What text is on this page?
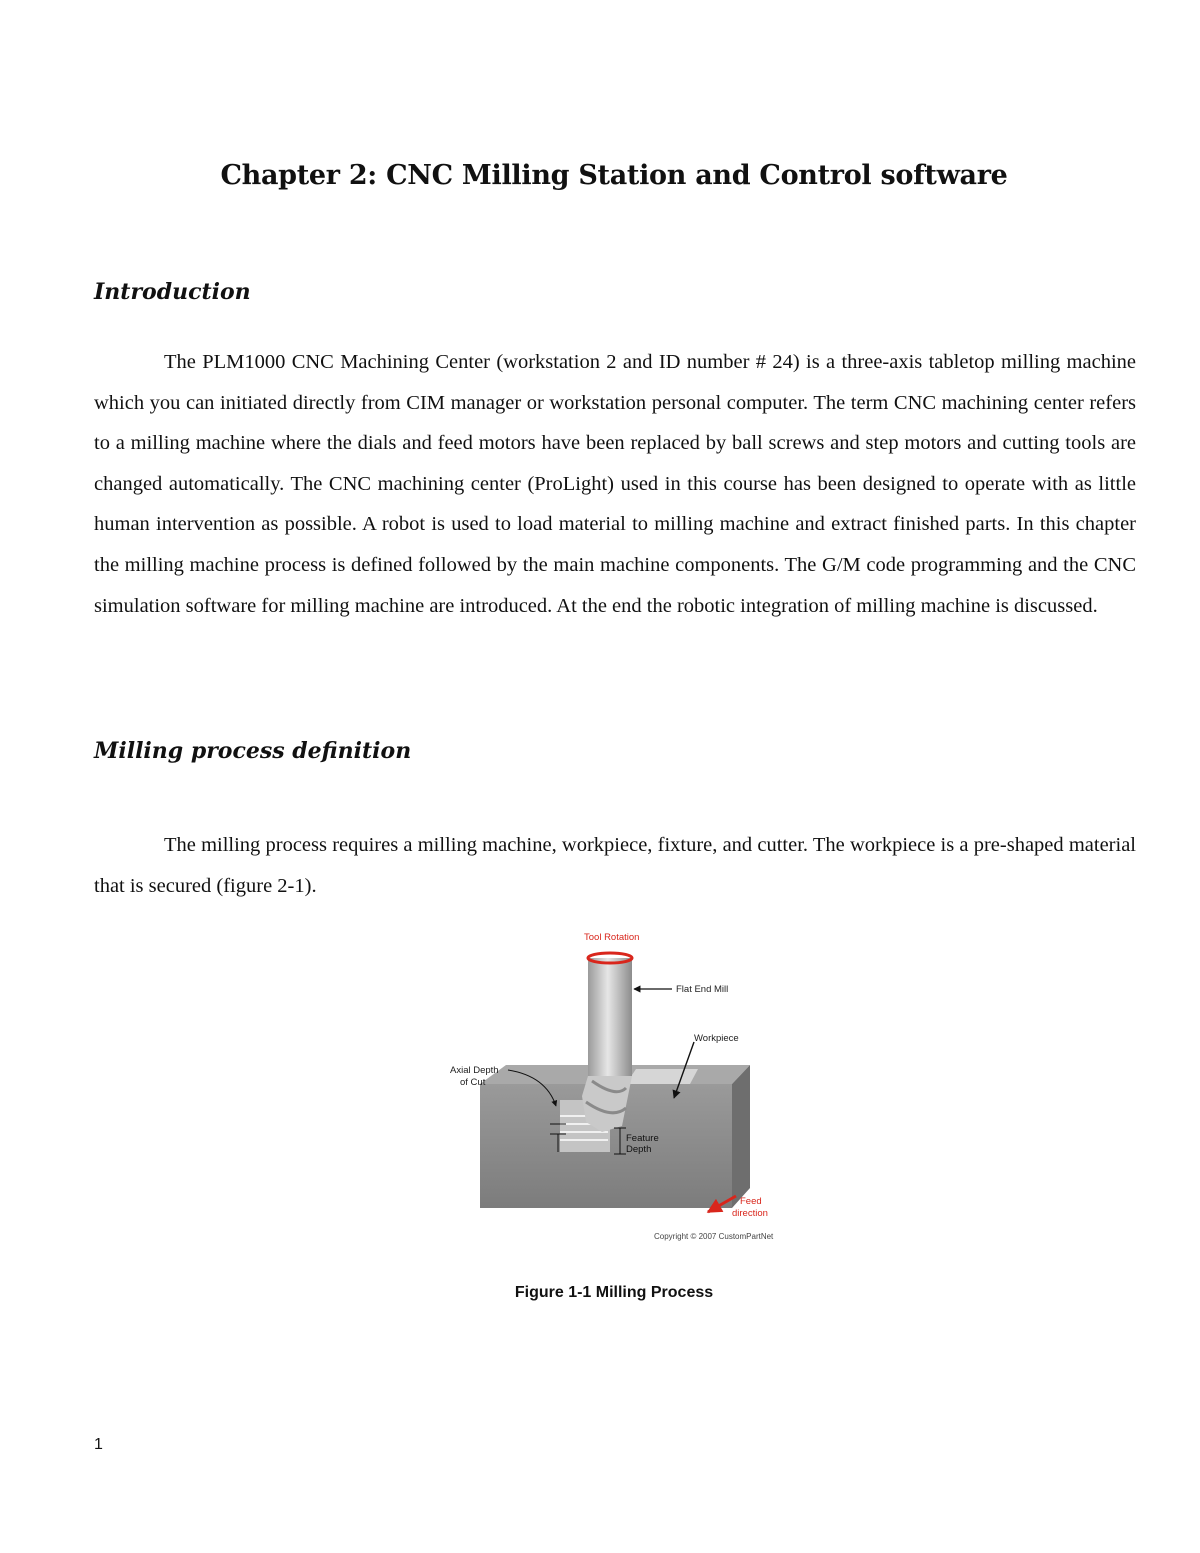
Chapter 2: CNC Milling Station and Control software
Introduction

The PLM1000 CNC Machining Center (workstation 2 and ID number # 24) is a three-axis tabletop milling machine which you can initiated directly from CIM manager or workstation personal computer. The term CNC machining center refers to a milling machine where the dials and feed motors have been replaced by ball screws and step motors and cutting tools are changed automatically. The CNC machining center (ProLight) used in this course has been designed to operate with as little human intervention as possible. A robot is used to load material to milling machine and extract finished parts. In this chapter the milling machine process is defined followed by the main machine components. The G/M code programming and the CNC simulation software for milling machine are introduced. At the end the robotic integration of milling machine is discussed.

Milling process definition

The milling process requires a milling machine, workpiece, fixture, and cutter. The workpiece is a pre-shaped material that is secured (figure 2-1).

Tool Rotation
Flat End Mill
Workpiece
Axial Depth
of Cut
Feature
Depth
Feed
direction
Copyright © 2007 CustomPartNet
Figure 1-1 Milling Process
1
